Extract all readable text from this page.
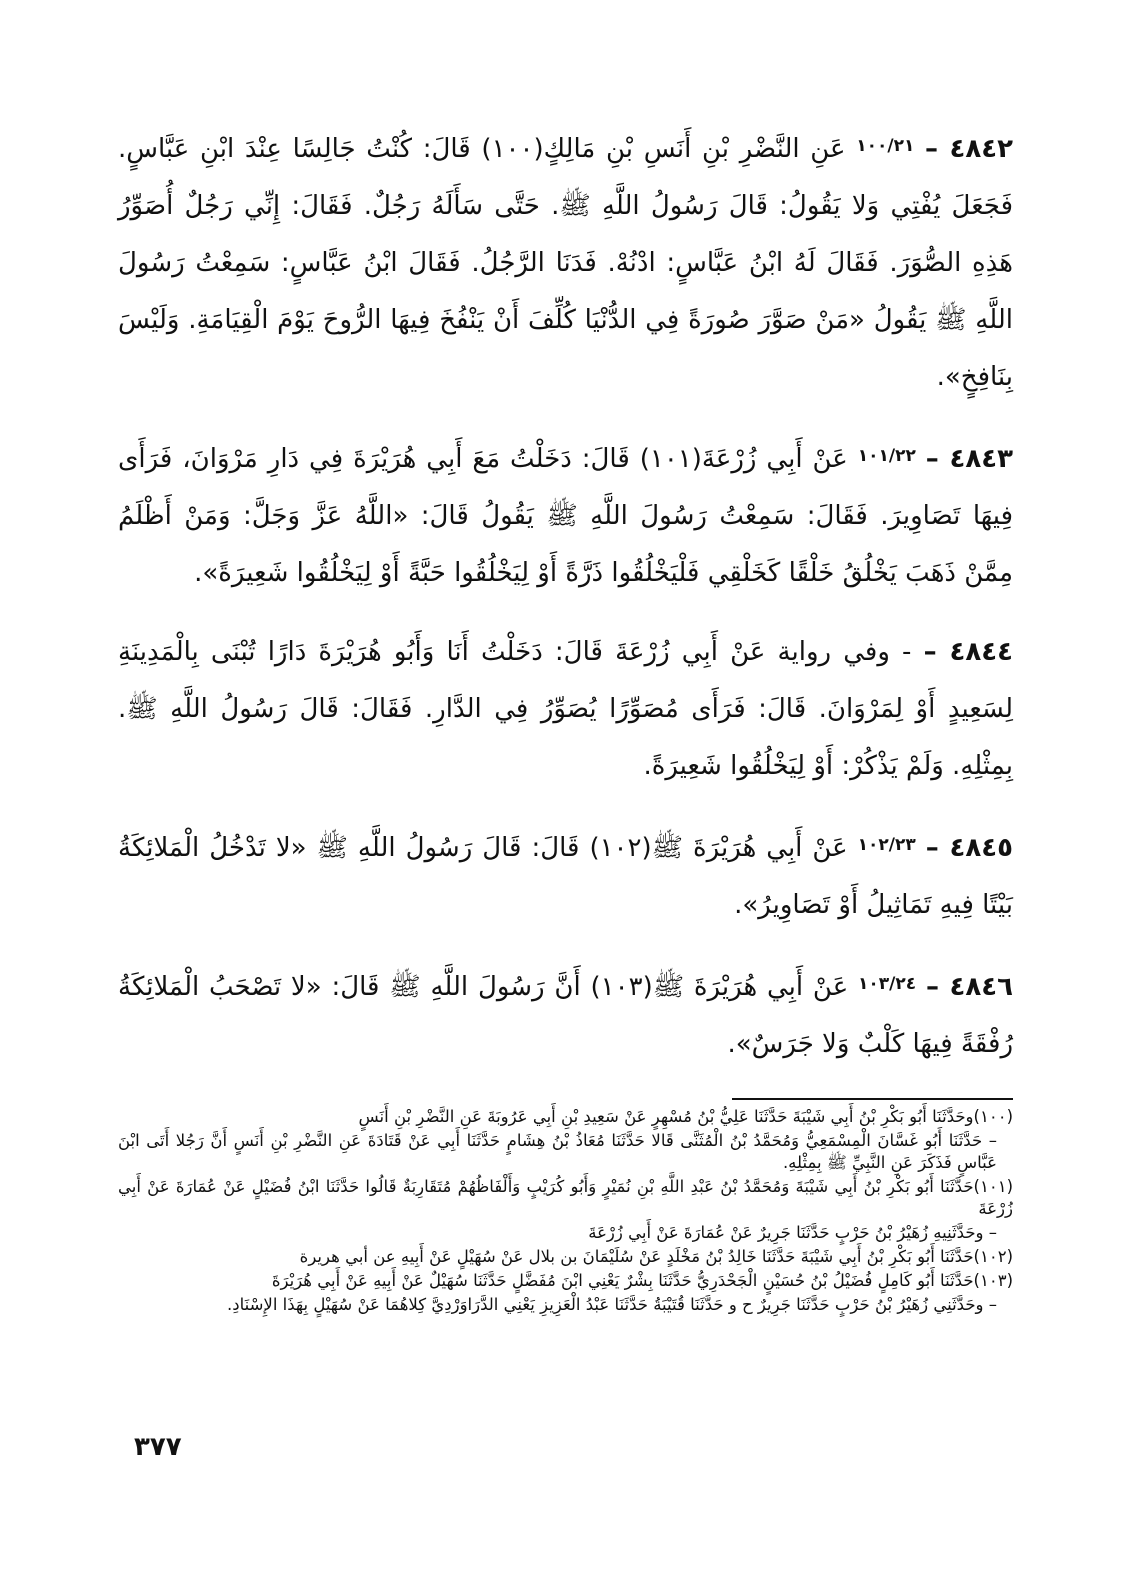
٤٨٤٢ – $^{١٠٠/٢١}$ عَنِ النَّضْرِ بْنِ أَنَسِ بْنِ مَالِكٍ(١٠٠) قَالَ: كُنْتُ جَالِسًا عِنْدَ ابْنِ عَبَّاسٍ. فَجَعَلَ يُفْتِي وَلا يَقُولُ: قَالَ رَسُولُ اللَّهِ ﷺ. حَتَّى سَأَلَهُ رَجُلٌ. فَقَالَ: إِنِّي رَجُلٌ أُصَوِّرُ هَذِهِ الصُّوَرَ. فَقَالَ لَهُ ابْنُ عَبَّاسٍ: ادْنُهْ. فَدَنَا الرَّجُلُ. فَقَالَ ابْنُ عَبَّاسٍ: سَمِعْتُ رَسُولَ اللَّهِ ﷺ يَقُولُ «مَنْ صَوَّرَ صُورَةً فِي الدُّنْيَا كُلِّفَ أَنْ يَنْفُخَ فِيهَا الرُّوحَ يَوْمَ الْقِيَامَةِ. وَلَيْسَ بِنَافِخٍ».

٤٨٤٣ – $^{١٠١/٢٢}$ عَنْ أَبِي زُرْعَةَ(١٠١) قَالَ: دَخَلْتُ مَعَ أَبِي هُرَيْرَةَ فِي دَارِ مَرْوَانَ، فَرَأَى فِيهَا تَصَاوِيرَ. فَقَالَ: سَمِعْتُ رَسُولَ اللَّهِ ﷺ يَقُولُ قَالَ: «اللَّهُ عَزَّ وَجَلَّ: وَمَنْ أَظْلَمُ مِمَّنْ ذَهَبَ يَخْلُقُ خَلْقًا كَخَلْقِي فَلْيَخْلُقُوا ذَرَّةً أَوْ لِيَخْلُقُوا حَبَّةً أَوْ لِيَخْلُقُوا شَعِيرَةً».

٤٨٤٤ – - وفي رواية عَنْ أَبِي زُرْعَةَ قَالَ: دَخَلْتُ أَنَا وَأَبُو هُرَيْرَةَ دَارًا تُبْنَى بِالْمَدِينَةِ لِسَعِيدٍ أَوْ لِمَرْوَانَ. قَالَ: فَرَأَى مُصَوِّرًا يُصَوِّرُ فِي الدَّارِ. فَقَالَ: قَالَ رَسُولُ اللَّهِ ﷺ. بِمِثْلِهِ. وَلَمْ يَذْكُرْ: أَوْ لِيَخْلُقُوا شَعِيرَةً.

٤٨٤٥ – $^{١٠٢/٢٣}$ عَنْ أَبِي هُرَيْرَةَ ﷺ(١٠٢) قَالَ: قَالَ رَسُولُ اللَّهِ ﷺ «لا تَدْخُلُ الْمَلائِكَةُ بَيْتًا فِيهِ تَمَاثِيلُ أَوْ تَصَاوِيرُ».

٤٨٤٦ – $^{١٠٣/٢٤}$ عَنْ أَبِي هُرَيْرَةَ ﷺ(١٠٣) أَنَّ رَسُولَ اللَّهِ ﷺ قَالَ: «لا تَصْحَبُ الْمَلائِكَةُ رُفْقَةً فِيهَا كَلْبٌ وَلا جَرَسٌ».

(١٠٠)وحَدَّثَنَا أَبُو بَكْرِ بْنُ أَبِي شَيْبَةَ حَدَّثَنَا عَلِيُّ بْنُ مُسْهِرٍ عَنْ سَعِيدِ بْنِ أَبِي عَرُوبَةَ عَنِ النَّضْرِ بْنِ أَنَسٍ

– حَدَّثَنَا أَبُو غَسَّانَ الْمِسْمَعِيُّ وَمُحَمَّدُ بْنُ الْمُثَنَّى قَالا حَدَّثَنَا مُعَاذُ بْنُ هِشَامٍ حَدَّثَنَا أَبِي عَنْ قَتَادَةَ عَنِ النَّضْرِ بْنِ أَنَسٍ أَنَّ رَجُلا أَتَى ابْنَ عَبَّاسٍ فَذَكَرَ عَنِ النَّبِيِّ ﷺ بِمِثْلِهِ.

(١٠١)حَدَّثَنَا أَبُو بَكْرِ بْنُ أَبِي شَيْبَةَ وَمُحَمَّدُ بْنُ عَبْدِ اللَّهِ بْنِ نُمَيْرٍ وَأَبُو كُرَيْبٍ وَأَلْفَاظُهُمْ مُتَقَارِبَةٌ قَالُوا حَدَّثَنَا ابْنُ فُضَيْلٍ عَنْ عُمَارَةَ عَنْ أَبِي زُرْعَةَ

– وحَدَّثَنِيهِ زُهَيْرُ بْنُ حَرْبٍ حَدَّثَنَا جَرِيرٌ عَنْ عُمَارَةَ عَنْ أَبِي زُرْعَةَ

(١٠٢)حَدَّثَنَا أَبُو بَكْرِ بْنُ أَبِي شَيْبَةَ حَدَّثَنَا خَالِدُ بْنُ مَخْلَدٍ عَنْ سُلَيْمَانَ بن بلال عَنْ سُهَيْلٍ عَنْ أَبِيهِ عن أبي هريرة

(١٠٣)حَدَّثَنَا أَبُو كَامِلٍ فُضَيْلُ بْنُ حُسَيْنٍ الْجَحْدَرِيُّ حَدَّثَنَا بِشْرٌ يَعْنِي ابْنَ مُفَضَّلٍ حَدَّثَنَا سُهَيْلٌ عَنْ أَبِيهِ عَنْ أَبِي هُرَيْرَةَ

– وحَدَّثَنِي زُهَيْرُ بْنُ حَرْبٍ حَدَّثَنَا جَرِيرٌ ح و حَدَّثَنَا قُتَيْبَةُ حَدَّثَنَا عَبْدُ الْعَزِيزِ يَعْنِي الدَّرَاوَرْدِيَّ كِلاهُمَا عَنْ سُهَيْلٍ بِهَذَا الإِسْنَادِ.

٣٧٧
